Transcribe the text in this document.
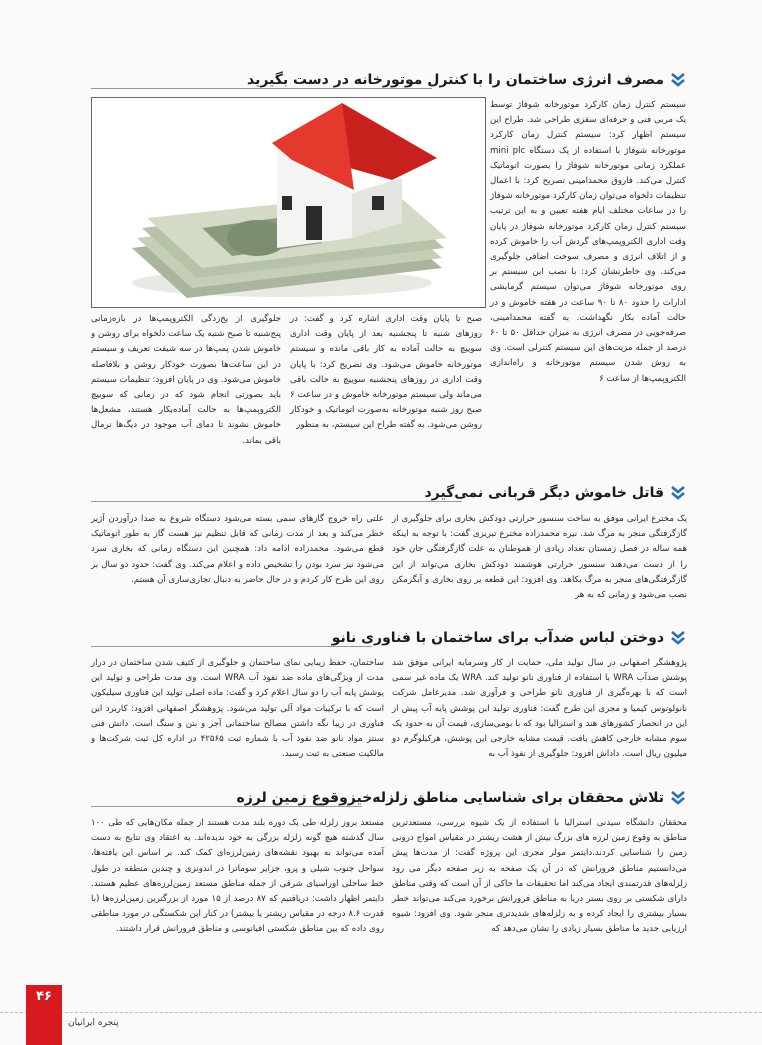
مصرف انرژی ساختمان را با کنترل موتورخانه در دست بگیرید
سیستم کنترل زمان کارکرد موتورخانه شوفاژ توسط یک مربی فنی و حرفه‌ای سقزی طراحی شد. طراح این سیستم اظهار کرد: سیستم کنترل زمان کارکرد موتورخانه شوفاژ با استفاده از یک دستگاه mini plc عملکرد زمانی موتورخانه شوفاژ را بصورت اتوماتیک کنترل می‌کند. فاروق محمدامینی تصریح کرد: با اعمال تنظیمات دلخواه می‌توان زمان کارکرد موتورخانه شوفاژ را در ساعات مختلف ایام هفته تعیین و به این ترتیب سیستم کنترل زمان کارکرد موتورخانه شوفاژ در پایان وقت اداری الکتروپمپ‌های گردش آب را خاموش کرده و از اتلاف انرژی و مصرف سوخت اضافی جلوگیری می‌کند. وی خاطرنشان کرد: با نصب این سیستم بر روی موتورخانه شوفاژ می‌توان سیستم گرمایشی ادارات را حدود ۸۰ تا ۹۰ ساعت در هفته خاموش و در حالت آماده بکار نگهداشت. به گفته محمدامینی، صرفه‌جویی در مصرف انرژی به میزان حداقل ۵۰ تا ۶۰ درصد از جمله مزیت‌های این سیستم کنترلی است. وی به روش شدن سیستم موتورخانه و راه‌اندازی الکتروپمپ‌ها از ساعت ۶
صبح تا پایان وقت اداری اشاره کرد و گفت: در روزهای شنبه تا پنجشنبه بعد از پایان وقت اداری سوییچ به حالت آماده به کار باقی مانده و سیستم موتورخانه خاموش می‌شود. وی تصریح کرد: با پایان وقت اداری در روزهای پنجشنبه سوییچ به حالت باقی می‌ماند ولی سیستم موتورخانه خاموش و در ساعت ۶ صبح روز شنبه موتورخانه به‌صورت اتوماتیک و خودکار روشن می‌شود. به گفته طراح این سیستم، به منظور
جلوگیری از یخ‌زدگی الکتروپمپ‌ها در بازه‌زمانی پنج‌شنبه تا صبح شنبه یک ساعت دلخواه برای روشن و خاموش شدن پمپ‌ها در سه شیفت تعریف و سیستم در این ساعت‌ها بصورت خودکار روشن و بلافاصله خاموش می‌شود. وی در پایان افزود: تنظیمات سیستم باید بصورتی انجام شود که در زمانی که سوییچ الکتروپمپ‌ها به حالت آماده‌بکار هستند، مشعل‌ها خاموش نشوند تا دمای آب موجود در دیگ‌ها نرمال باقی بماند.
قاتل خاموش دیگر قربانی نمی‌گیرد
یک مخترع ایرانی موفق به ساخت سنسور حرارتی دودکش بخاری برای جلوگیری از گازگرفتگی منجر به مرگ شد. نیره محمدزاده مخترع تبریزی گفت: با توجه به اینکه همه ساله در فصل زمستان تعداد زیادی از هموطنان به علت گازگرفتگی جان خود را از دست می‌دهند سنسور حرارتی هوشمند دودکش بخاری می‌تواند از این گازگرفتگی‌های منجر به مرگ بکاهد. وی افزود: این قطعه بر روی بخاری و آبگرمکن نصب می‌شود و زمانی که به هر
علتی راه خروج گازهای سمی بسته می‌شود دستگاه شروع به صدا درآوردن آژیر خطر می‌کند و بعد از مدت زمانی که قابل تنظیم نیز هست گاز به طور اتوماتیک قطع می‌شود. محمدزاده ادامه داد: همچنین این دستگاه زمانی که بخاری سرد می‌شود نیز سرد بودن را تشخیص داده و اعلام می‌کند. وی گفت: حدود دو سال بر روی این طرح کار کردم و در حال حاضر به دنبال تجاری‌سازی آن هستم.
دوختن لباس ضدآب برای ساختمان با فناوری نانو
پژوهشگر اصفهانی در سال تولید ملی، حمایت از کار وسرمایه ایرانی موفق شد پوشش ضدآب WRA با استفاده از فناوری نانو تولید کند. WRA یک ماده غیر سمی است که با بهره‌گیری از فناوری نانو طراحی و فرآوری شد. مدیرعامل شرکت نانولوتوس کیمیا و مجری این طرح گفت: فناوری تولید این پوشش پایه آب پیش از این در انحصار کشورهای هند و استرالیا بود که با بومی‌سازی، قیمت آن به حدود یک سوم مشابه خارجی کاهش یافت. قیمت مشابه خارجی این پوشش، هرکیلوگرم دو میلیون ریال است. داداش افزود: جلوگیری از نفوذ آب به
ساختمان، حفظ زیبایی نمای ساختمان و جلوگیری از کثیف شدن ساختمان در دراز مدت از ویژگی‌های ماده ضد نفوذ آب WRA است. وی مدت طراحی و تولید این پوشش پایه آب را دو سال اعلام کرد و گفت: ماده اصلی تولید این فناوری سیلیکون است که با ترکیبات مواد آلی تولید می‌شود. پژوهشگر اصفهانی افزود: کاربرد این فناوری در زیبا نگه داشتن مصالح ساختمانی آجر و بتن و سنگ است. دانش فنی سنتز مواد نانو ضد نفوذ آب با شماره ثبت ۴۲۵۶۵ در اداره کل ثبت شرکت‌ها و مالکیت صنعتی به ثبت رسید.
تلاش محققان برای شناسایی مناطق زلزله‌خیزوقوع زمین لرزه
محققان دانشگاه سیدنی استرالیا با استفاده از یک شیوه بررسی، مستعدترین مناطق به وقوع زمین لرزه های بزرگ بیش از هشت ریشتر در مقیاس امواج درونی زمین را شناسایی کردند.دایتمر مولر مجری این پروژه گفت: از مدت‌ها پیش می‌دانستیم مناطق فرورانش که در آن یک صفحه به زیر صفحه دیگر می رود زلزله‌های قدرتمندی ایجاد می‌کند اما تحقیقات ما حاکی از آن است که وقتی مناطق دارای شکستی بر روی بستر دریا به مناطق فرورانش برخورد می‌کند می‌تواند خطر بسیار بیشتری را ایجاد کرده و به زلزله‌های شدیدتری منجر شود. وی افزود: شیوه ارزیابی جدید ما مناطق بسیار زیادی را نشان می‌دهد که
مستعد بروز زلزله طی یک دوره بلند مدت هستند از جمله مکان‌هایی که طی ۱۰۰ سال گذشته هیچ گونه زلزله بزرگی به خود ندیده‌اند. به اعتقاد وی نتایج به دست آمده می‌تواند به بهبود نقشه‌های زمین‌لرزه‌ای کمک کند. بر اساس این یافته‌ها، سواحل جنوب شیلی و پرو، جزایر سوماترا در اندونزی و چندین منطقه در طول خط ساحلی اوراسیای شرقی از جمله مناطق مستعد زمین‌لرزه‌های عظیم هستند. دایتمر اظهار داشت: دریافتیم که ۸۷ درصد از ۱۵ مورد از بزرگترین زمین‌لرزه‌ها (با قدرت ۸.۶ درجه در مقیاس ریشتر یا بیشتر) در کنار این شکستگی در مورد مناطقی روی داده که بین مناطق شکستی افیانوسی و مناطق فرورانش قرار داشتند.
۴۶
پنجره ایرانیان
